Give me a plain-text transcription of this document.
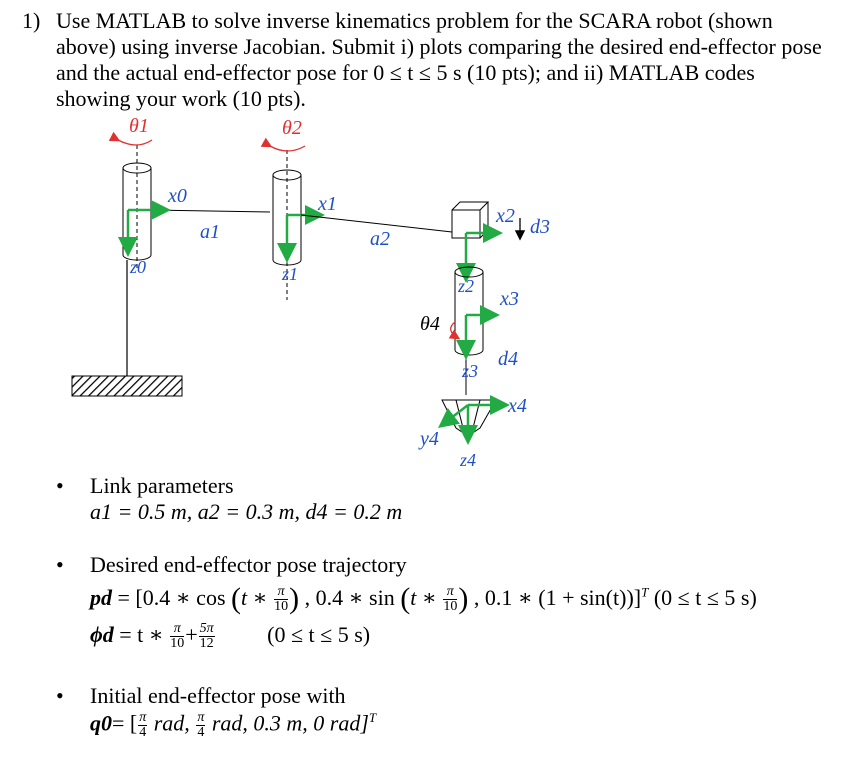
1) Use MATLAB to solve inverse kinematics problem for the SCARA robot (shown above) using inverse Jacobian. Submit i) plots comparing the desired end-effector pose and the actual end-effector pose for 0 ≤ t ≤ 5 s (10 pts); and ii) MATLAB codes showing your work (10 pts).
θ1
x0
z0
a1
θ2
x1
z1
a2
x2 d3
z2
x3
θ4
z3
d4
x4
y4
z4
• Link parameters
a1 = 0.5 m, a2 = 0.3 m, d4 = 0.2 m
• Desired end-effector pose trajectory
pd = [0.4 ∗ cos (t ∗ $\frac{\pi}{10}$ ) , 0.4 ∗ sin (t ∗ $\frac{\pi}{10}$ ) , 0.1 ∗ (1 + sin(t))]$^T$ (0 ≤ t ≤ 5 s)
ϕd = t ∗ $\frac{\pi}{10} + \frac{5\pi}{12} (0 \le t \le 5$ s)
• Initial end-effector pose with
q0= [ $\frac{\pi}{4}$ rad, $\frac{\pi}{4}$ rad, 0.3 m, 0 rad]$^T$
